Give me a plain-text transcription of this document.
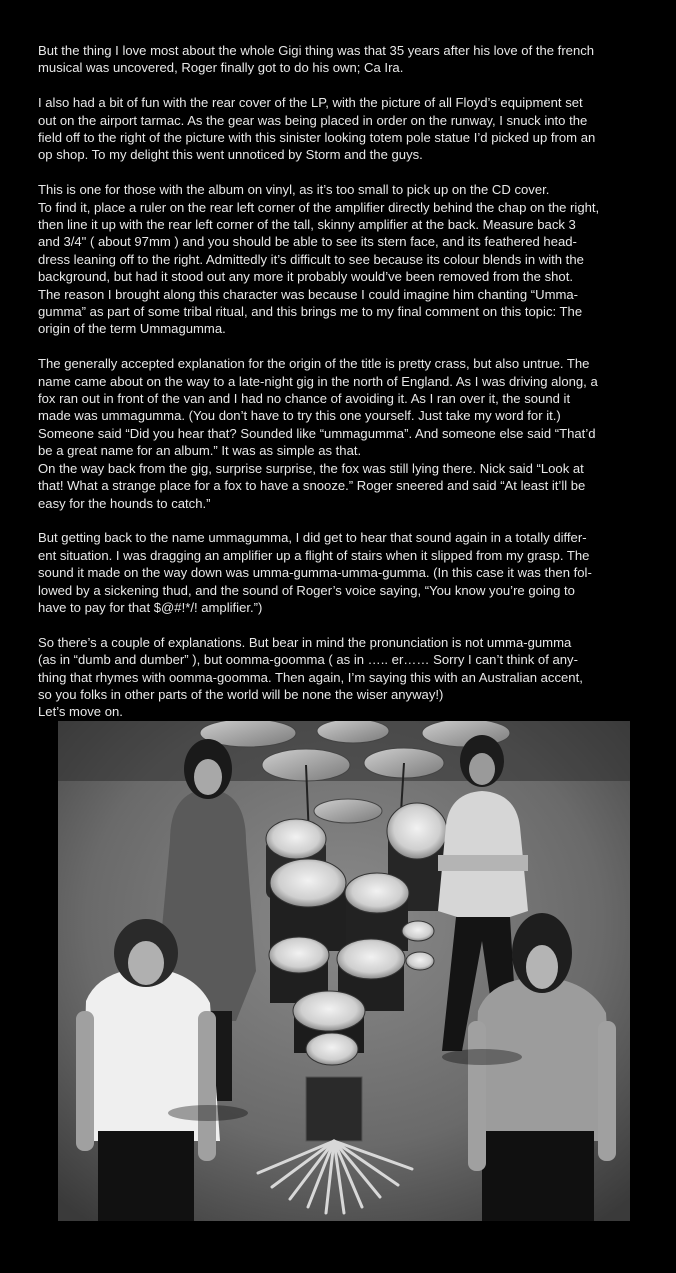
But the thing I love most about the whole Gigi thing was that 35 years after his love of the french
musical was uncovered, Roger finally got to do his own; Ca Ira.

I also had a bit of fun with the rear cover of the LP, with the picture of all Floyd’s equipment set
out on the airport tarmac. As the gear was being placed in order on the runway, I snuck into the
field off to the right of the picture with this sinister looking totem pole statue I’d picked up from an
op shop. To my delight this went unnoticed by Storm and the guys.

This is one for those with the album on vinyl, as it’s too small to pick up on the CD cover.
To find it, place a ruler on the rear left corner of the amplifier directly behind the chap on the right,
then line it up with the rear left corner of the tall, skinny amplifier at the back. Measure back 3
and 3/4" ( about 97mm ) and you should be able to see its stern face, and its feathered head-
dress leaning off to the right. Admittedly it’s difficult to see because its colour blends in with the
background, but had it stood out any more it probably would’ve been removed from the shot.
The reason I brought along this character was because I could imagine him chanting “Umma-
gumma” as part of some tribal ritual, and this brings me to my final comment on this topic: The
origin of the term Ummagumma.

The generally accepted explanation for the origin of the title is pretty crass, but also untrue. The
name came about on the way to a late-night gig in the north of England. As I was driving along, a
fox ran out in front of the van and I had no chance of avoiding it. As I ran over it, the sound it
made was ummagumma. (You don’t have to try this one yourself. Just take my word for it.)
Someone said “Did you hear that? Sounded like “ummagumma”. And someone else said “That’d
be a great name for an album.” It was as simple as that.
On the way back from the gig, surprise surprise, the fox was still lying there. Nick said “Look at
that! What a strange place for a fox to have a snooze.” Roger sneered and said “At least it’ll be
easy for the hounds to catch.”

But getting back to the name ummagumma, I did get to hear that sound again in a totally differ-
ent situation. I was dragging an amplifier up a flight of stairs when it slipped from my grasp. The
sound it made on the way down was umma-gumma-umma-gumma. (In this case it was then fol-
lowed by a sickening thud, and the sound of Roger’s voice saying, “You know you’re going to
have to pay for that $@#!*/! amplifier.”)

So there’s a couple of explanations. But bear in mind the pronunciation is not umma-gumma
(as in “dumb and dumber” ), but oomma-goomma ( as in ….. er…… Sorry I can’t think of any-
thing that rhymes with oomma-goomma. Then again, I’m saying this with an Australian accent,
so you folks in other parts of the world will be none the wiser anyway!)
Let’s move on.
